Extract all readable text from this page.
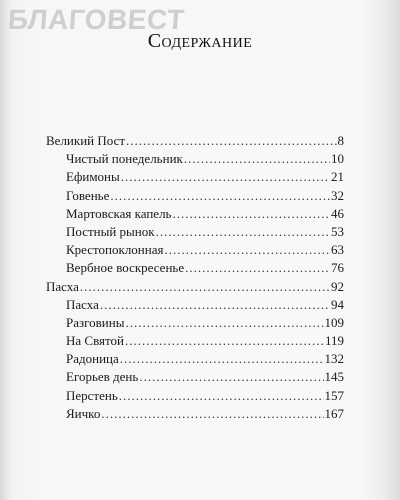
БЛАГОВЕСТ
Содержание
Великий Пост .....	8
Чистый понедельник .....	10
Ефимоны .....	21
Говенье .....	32
Мартовская капель .....	46
Постный рынок .....	53
Крестопоклонная .....	63
Вербное воскресенье .....	76
Пасха .....	92
Пасха .....	94
Разговины .....	109
На Святой .....	119
Радоница .....	132
Егорьев день .....	145
Перстень .....	157
Яичко .....	167
